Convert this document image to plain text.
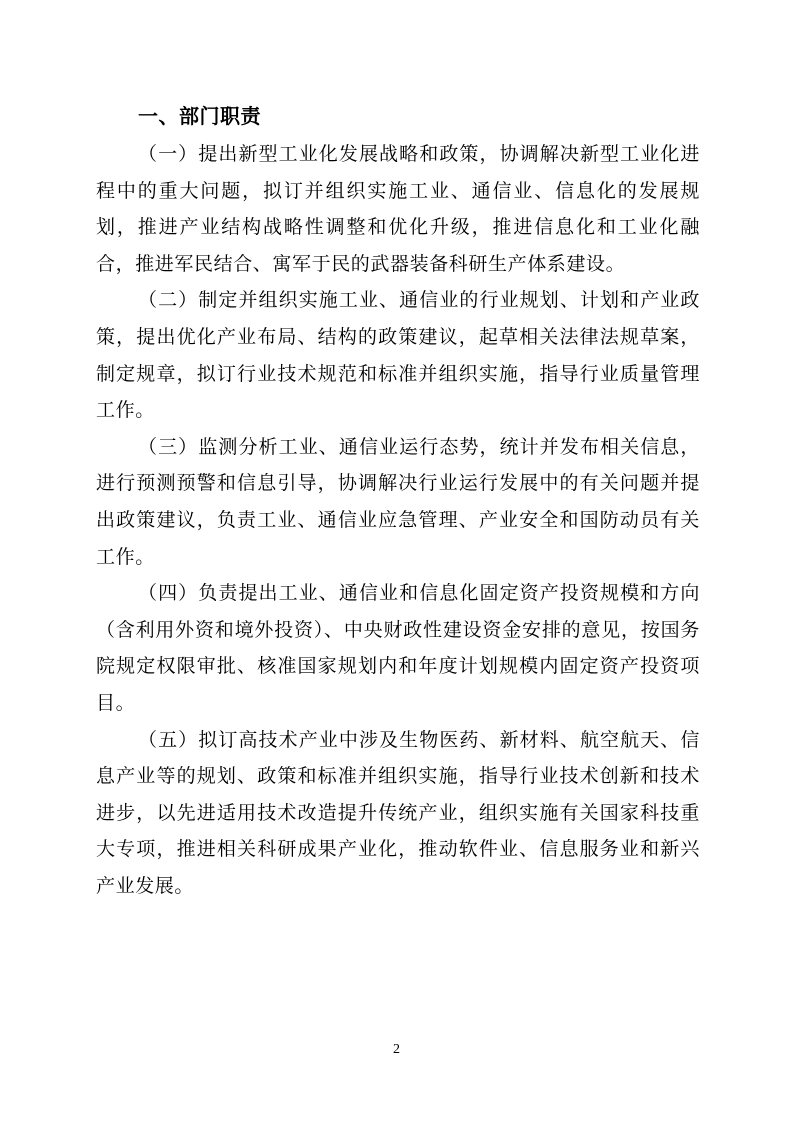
一、部门职责

（一）提出新型工业化发展战略和政策，协调解决新型工业化进程中的重大问题，拟订并组织实施工业、通信业、信息化的发展规划，推进产业结构战略性调整和优化升级，推进信息化和工业化融合，推进军民结合、寓军于民的武器装备科研生产体系建设。

（二）制定并组织实施工业、通信业的行业规划、计划和产业政策，提出优化产业布局、结构的政策建议，起草相关法律法规草案，制定规章，拟订行业技术规范和标准并组织实施，指导行业质量管理工作。

（三）监测分析工业、通信业运行态势，统计并发布相关信息，进行预测预警和信息引导，协调解决行业运行发展中的有关问题并提出政策建议，负责工业、通信业应急管理、产业安全和国防动员有关工作。

（四）负责提出工业、通信业和信息化固定资产投资规模和方向（含利用外资和境外投资）、中央财政性建设资金安排的意见，按国务院规定权限审批、核准国家规划内和年度计划规模内固定资产投资项目。

（五）拟订高技术产业中涉及生物医药、新材料、航空航天、信息产业等的规划、政策和标准并组织实施，指导行业技术创新和技术进步，以先进适用技术改造提升传统产业，组织实施有关国家科技重大专项，推进相关科研成果产业化，推动软件业、信息服务业和新兴产业发展。

2
